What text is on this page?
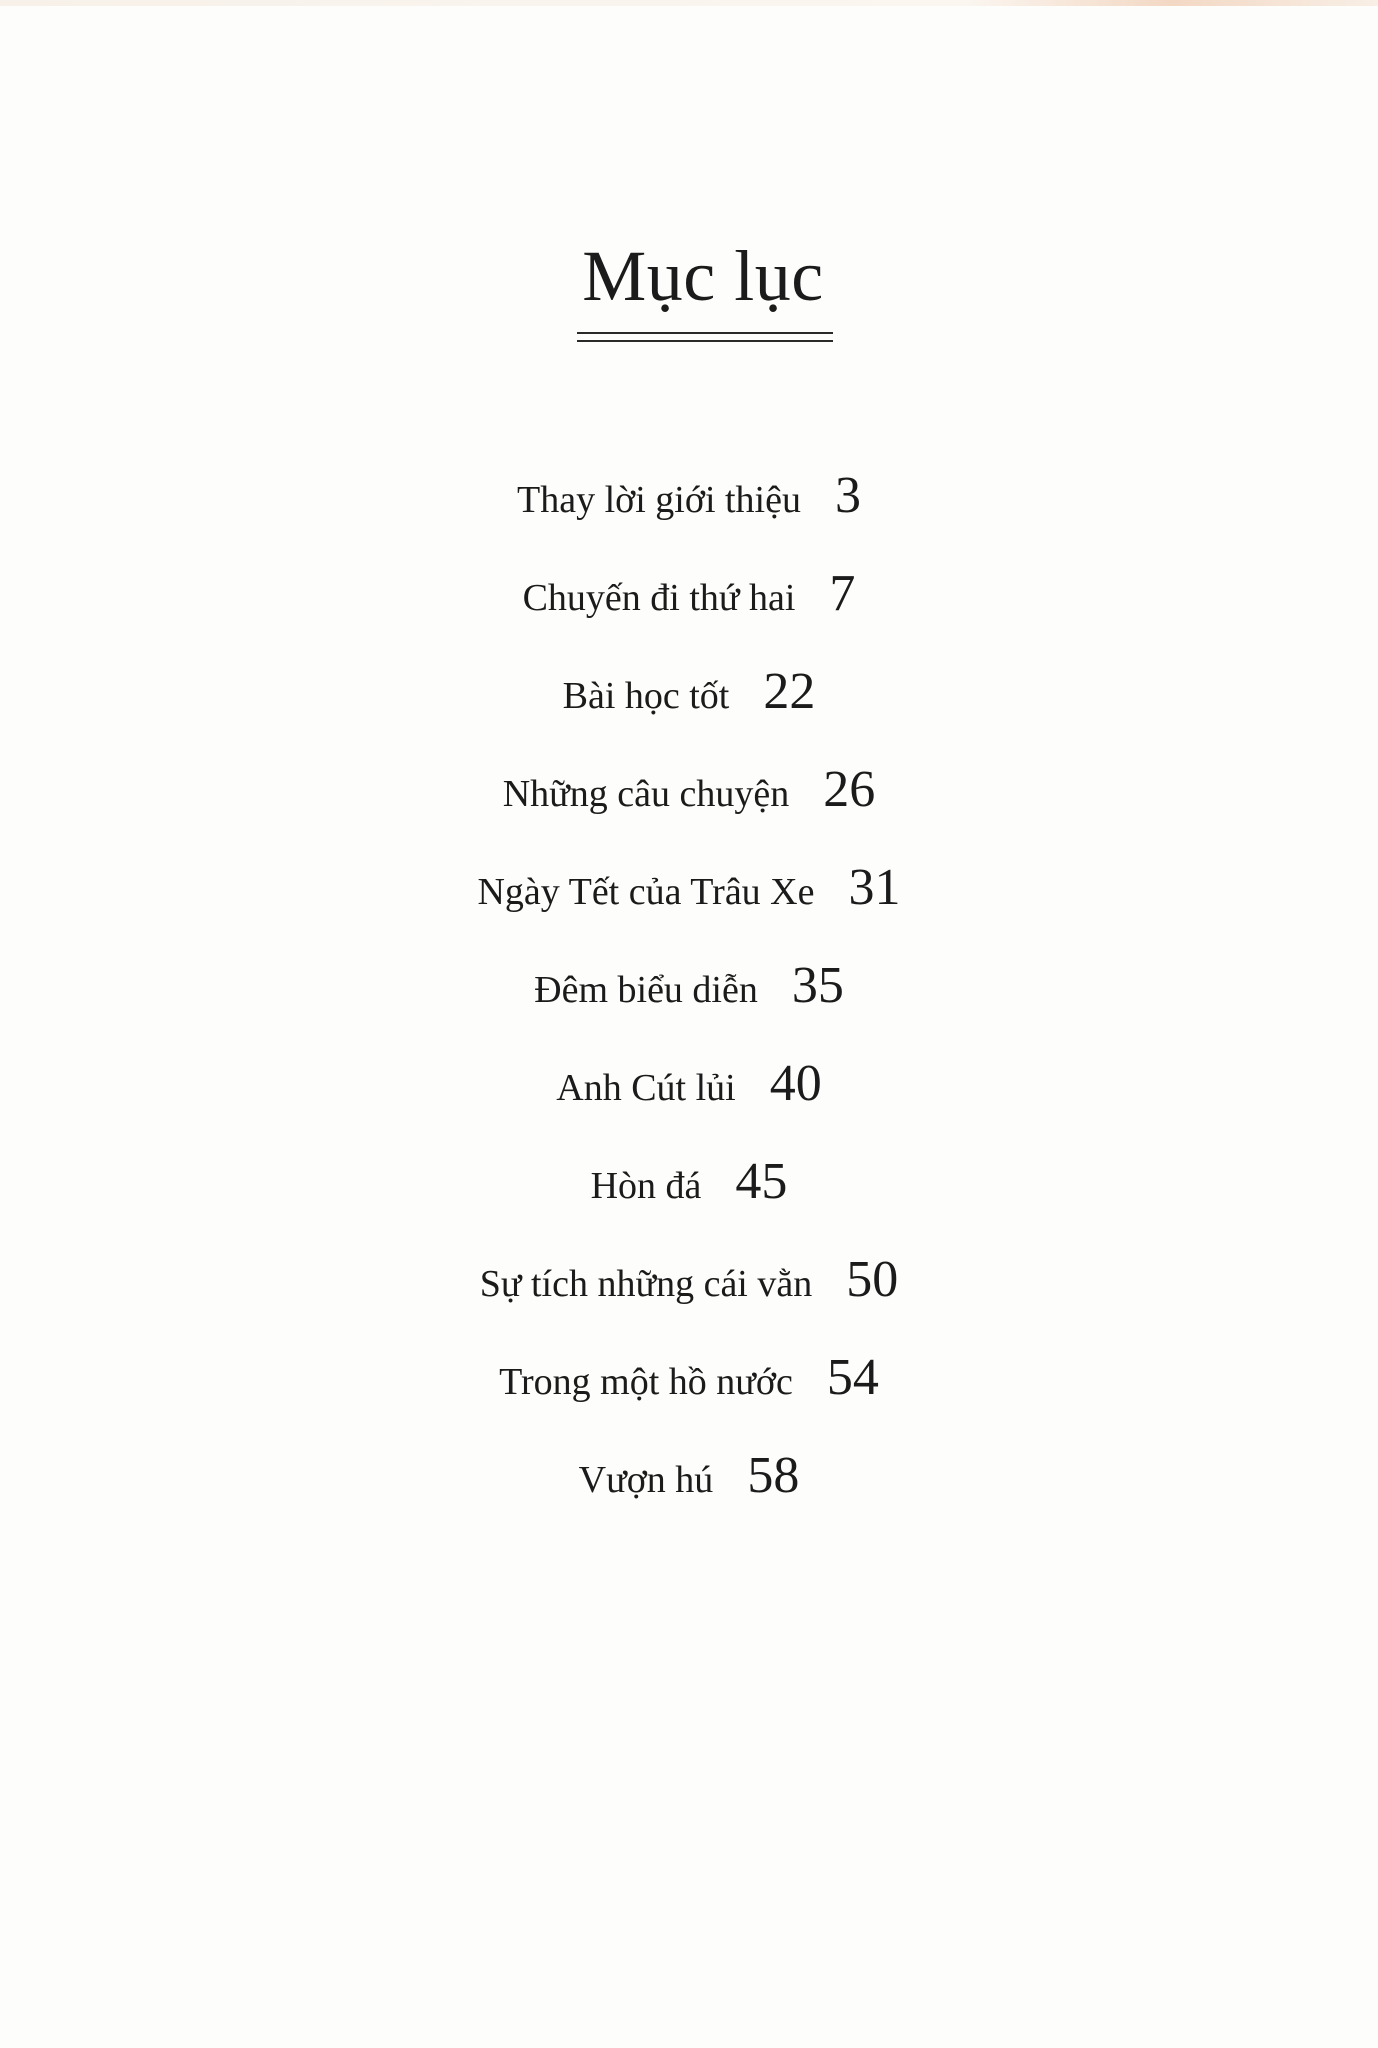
Mục lục
Thay lời giới thiệu 3
Chuyến đi thứ hai 7
Bài học tốt 22
Những câu chuyện 26
Ngày Tết của Trâu Xe 31
Đêm biểu diễn 35
Anh Cút lủi 40
Hòn đá 45
Sự tích những cái vằn 50
Trong một hồ nước 54
Vượn hú 58
